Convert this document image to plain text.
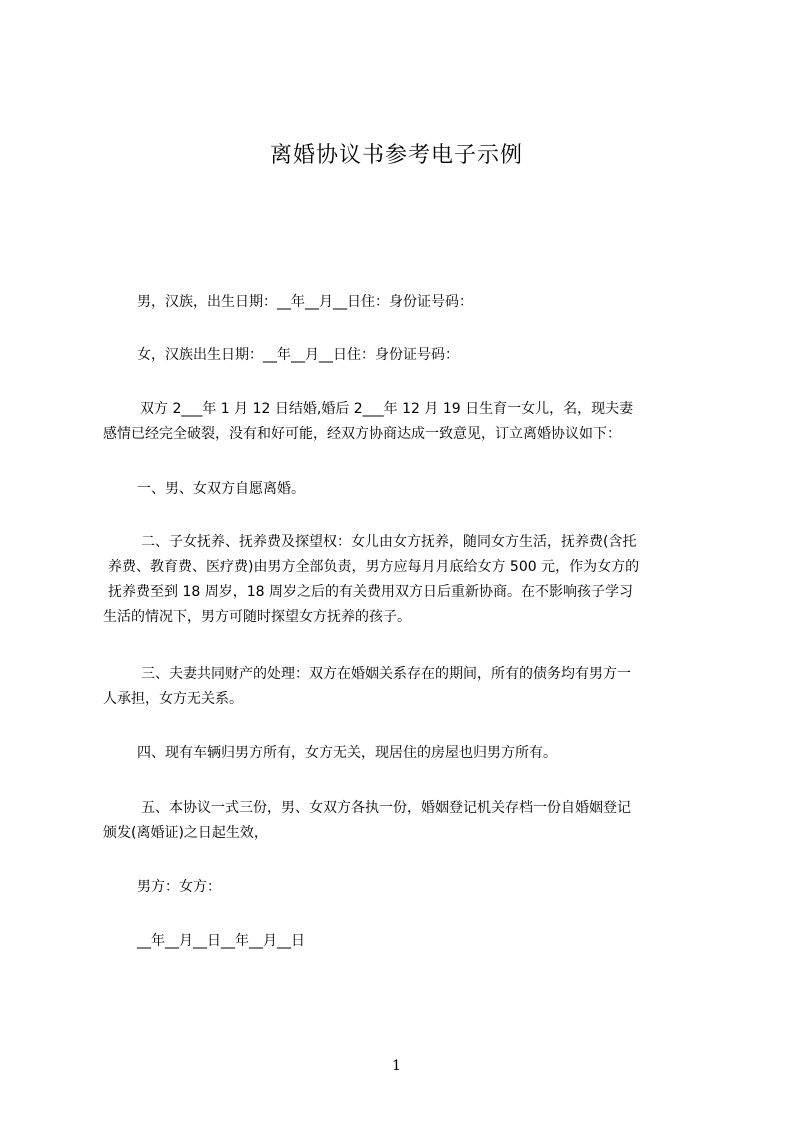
离婚协议书参考电子示例

男，汉族，出生日期：__年__月__日住：身份证号码：

女，汉族出生日期：__年__月__日住：身份证号码：

双方 2___年 1 月 12 日结婚,婚后 2___年 12 月 19 日生育一女儿，名，现夫妻
感情已经完全破裂，没有和好可能，经双方协商达成一致意见，订立离婚协议如下：

一、男、女双方自愿离婚。

二、子女抚养、抚养费及探望权：女儿由女方抚养，随同女方生活，抚养费(含托
养费、教育费、医疗费)由男方全部负责，男方应每月月底给女方 500 元，作为女方的
抚养费至到 18 周岁，18 周岁之后的有关费用双方日后重新协商。在不影响孩子学习
生活的情况下，男方可随时探望女方抚养的孩子。

三、夫妻共同财产的处理：双方在婚姻关系存在的期间，所有的债务均有男方一
人承担，女方无关系。

四、现有车辆归男方所有，女方无关，现居住的房屋也归男方所有。

五、本协议一式三份，男、女双方各执一份，婚姻登记机关存档一份自婚姻登记
颁发(离婚证)之日起生效，

男方：女方：

__年__月__日__年__月__日

1
